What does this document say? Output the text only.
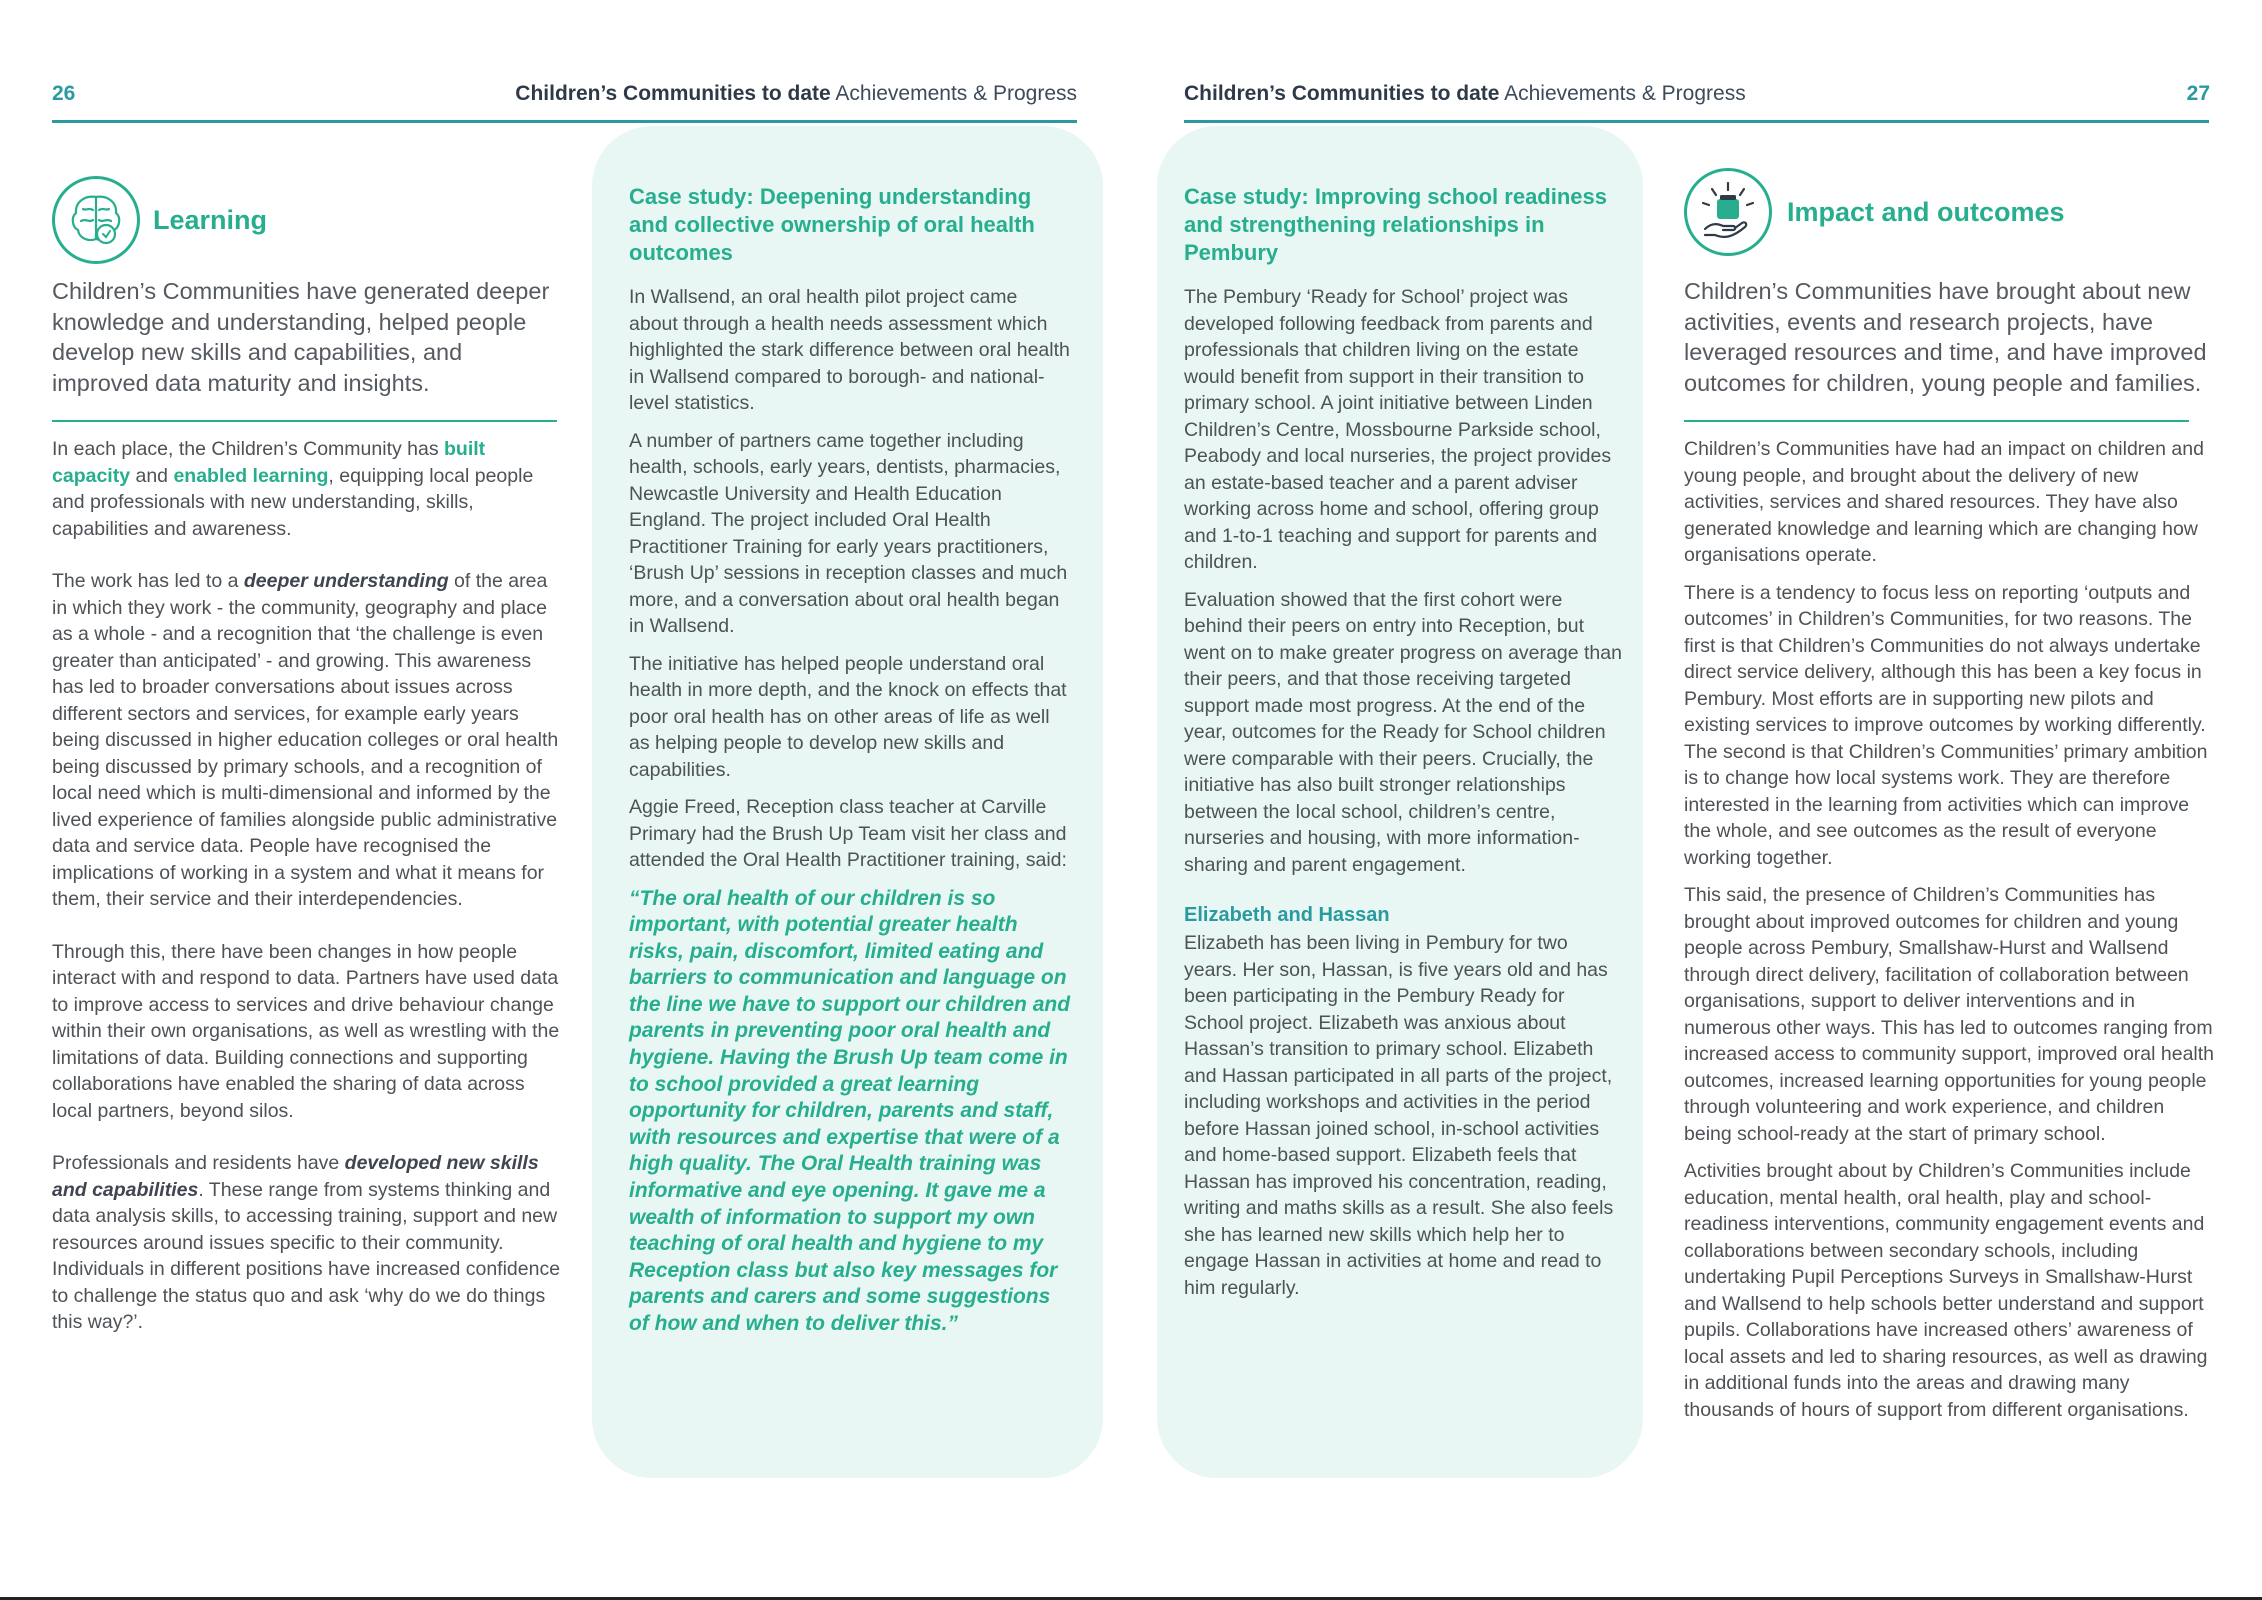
26	Children’s Communities to date Achievements & Progress	Children’s Communities to date Achievements & Progress	27
Learning
Children’s Communities have generated deeper knowledge and understanding, helped people develop new skills and capabilities, and improved data maturity and insights.

In each place, the Children’s Community has built capacity and enabled learning, equipping local people and professionals with new understanding, skills, capabilities and awareness.

The work has led to a deeper understanding of the area in which they work - the community, geography and place as a whole - and a recognition that ‘the challenge is even greater than anticipated’ - and growing. This awareness has led to broader conversations about issues across different sectors and services, for example early years being discussed in higher education colleges or oral health being discussed by primary schools, and a recognition of local need which is multi-dimensional and informed by the lived experience of families alongside public administrative data and service data. People have recognised the implications of working in a system and what it means for them, their service and their interdependencies.

Through this, there have been changes in how people interact with and respond to data. Partners have used data to improve access to services and drive behaviour change within their own organisations, as well as wrestling with the limitations of data. Building connections and supporting collaborations have enabled the sharing of data across local partners, beyond silos.

Professionals and residents have developed new skills and capabilities. These range from systems thinking and data analysis skills, to accessing training, support and new resources around issues specific to their community. Individuals in different positions have increased confidence to challenge the status quo and ask ‘why do we do things this way?’.

Case study: Deepening understanding and collective ownership of oral health outcomes

In Wallsend, an oral health pilot project came about through a health needs assessment which highlighted the stark difference between oral health in Wallsend compared to borough- and national-level statistics.

A number of partners came together including health, schools, early years, dentists, pharmacies, Newcastle University and Health Education England. The project included Oral Health Practitioner Training for early years practitioners, ‘Brush Up’ sessions in reception classes and much more, and a conversation about oral health began in Wallsend.

The initiative has helped people understand oral health in more depth, and the knock on effects that poor oral health has on other areas of life as well as helping people to develop new skills and capabilities.

Aggie Freed, Reception class teacher at Carville Primary had the Brush Up Team visit her class and attended the Oral Health Practitioner training, said:

“The oral health of our children is so important, with potential greater health risks, pain, discomfort, limited eating and barriers to communication and language on the line we have to support our children and parents in preventing poor oral health and hygiene. Having the Brush Up team come in to school provided a great learning opportunity for children, parents and staff, with resources and expertise that were of a high quality. The Oral Health training was informative and eye opening. It gave me a wealth of information to support my own teaching of oral health and hygiene to my Reception class but also key messages for parents and carers and some suggestions of how and when to deliver this.”
Case study: Improving school readiness and strengthening relationships in Pembury

The Pembury ‘Ready for School’ project was developed following feedback from parents and professionals that children living on the estate would benefit from support in their transition to primary school. A joint initiative between Linden Children’s Centre, Mossbourne Parkside school, Peabody and local nurseries, the project provides an estate-based teacher and a parent adviser working across home and school, offering group and 1-to-1 teaching and support for parents and children.

Evaluation showed that the first cohort were behind their peers on entry into Reception, but went on to make greater progress on average than their peers, and that those receiving targeted support made most progress. At the end of the year, outcomes for the Ready for School children were comparable with their peers. Crucially, the initiative has also built stronger relationships between the local school, children’s centre, nurseries and housing, with more information-sharing and parent engagement.

Elizabeth and Hassan
Elizabeth has been living in Pembury for two years. Her son, Hassan, is five years old and has been participating in the Pembury Ready for School project. Elizabeth was anxious about Hassan’s transition to primary school. Elizabeth and Hassan participated in all parts of the project, including workshops and activities in the period before Hassan joined school, in-school activities and home-based support. Elizabeth feels that Hassan has improved his concentration, reading, writing and maths skills as a result. She also feels she has learned new skills which help her to engage Hassan in activities at home and read to him regularly.
Impact and outcomes
Children’s Communities have brought about new activities, events and research projects, have leveraged resources and time, and have improved outcomes for children, young people and families.

Children’s Communities have had an impact on children and young people, and brought about the delivery of new activities, services and shared resources. They have also generated knowledge and learning which are changing how organisations operate.

There is a tendency to focus less on reporting ‘outputs and outcomes’ in Children’s Communities, for two reasons. The first is that Children’s Communities do not always undertake direct service delivery, although this has been a key focus in Pembury. Most efforts are in supporting new pilots and existing services to improve outcomes by working differently. The second is that Children’s Communities’ primary ambition is to change how local systems work. They are therefore interested in the learning from activities which can improve the whole, and see outcomes as the result of everyone working together.

This said, the presence of Children’s Communities has brought about improved outcomes for children and young people across Pembury, Smallshaw-Hurst and Wallsend through direct delivery, facilitation of collaboration between organisations, support to deliver interventions and in numerous other ways. This has led to outcomes ranging from increased access to community support, improved oral health outcomes, increased learning opportunities for young people through volunteering and work experience, and children being school-ready at the start of primary school.

Activities brought about by Children’s Communities include education, mental health, oral health, play and school-readiness interventions, community engagement events and collaborations between secondary schools, including undertaking Pupil Perceptions Surveys in Smallshaw-Hurst and Wallsend to help schools better understand and support pupils. Collaborations have increased others’ awareness of local assets and led to sharing resources, as well as drawing in additional funds into the areas and drawing many thousands of hours of support from different organisations.
